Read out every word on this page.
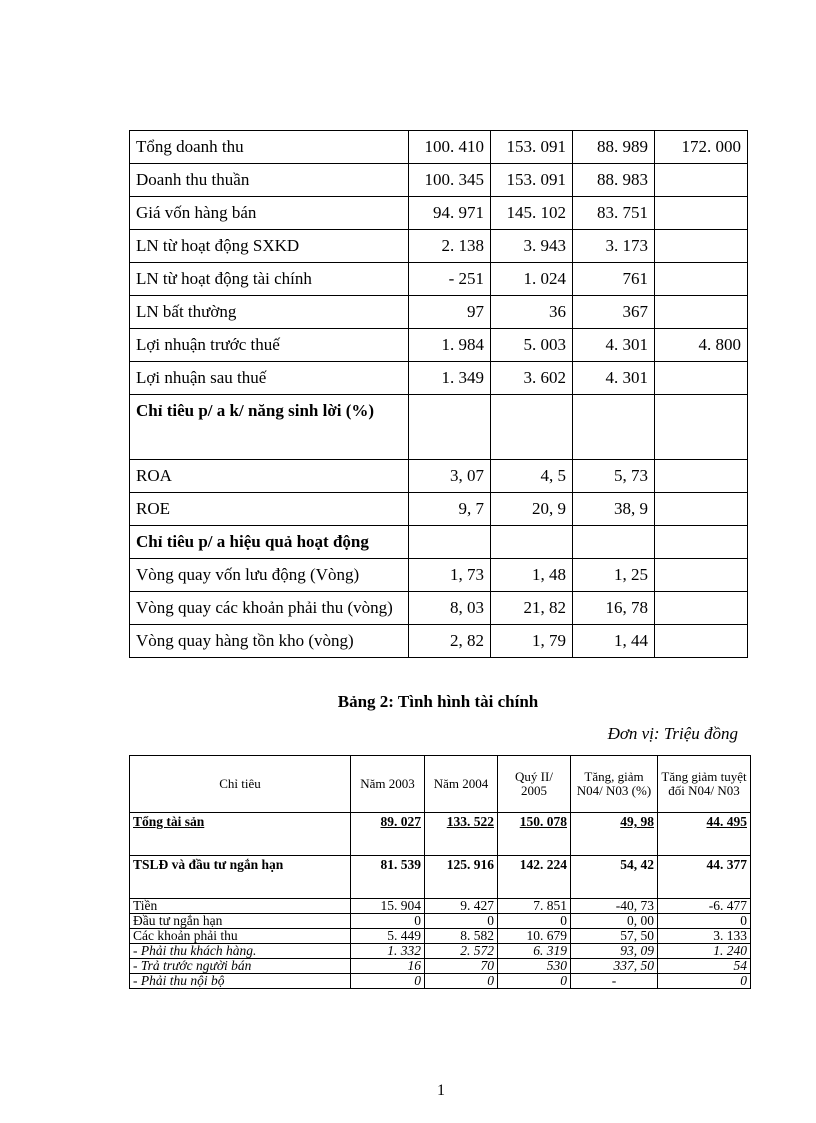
Tổng doanh thu	100. 410	153. 091	88. 989	172. 000
Doanh thu thuần	100. 345	153. 091	88. 983	
Giá vốn hàng bán	94. 971	145. 102	83. 751	
LN từ hoạt động SXKD	2. 138	3. 943	3. 173	
LN từ hoạt động tài chính	- 251	1. 024	761	
LN bất thường	97	36	367	
Lợi nhuận trước thuế	1. 984	5. 003	4. 301	4. 800
Lợi nhuận sau thuế	1. 349	3. 602	4. 301	
Chỉ tiêu p/ a k/ năng sinh lời (%)				
ROA	3, 07	4, 5	5, 73	
ROE	9, 7	20, 9	38, 9	
Chỉ tiêu p/ a hiệu quả hoạt động				
Vòng quay vốn lưu động (Vòng)	1, 73	1, 48	1, 25	
Vòng quay các khoản phải thu (vòng)	8, 03	21, 82	16, 78	
Vòng quay hàng tồn kho (vòng)	2, 82	1, 79	1, 44	
Bảng 2: Tình hình tài chính
Đơn vị: Triệu đồng
Chỉ tiêu	Năm 2003	Năm 2004	Quý II/ 2005	Tăng, giảm N04/ N03 (%)	Tăng giảm tuyệt đối N04/ N03
Tổng tài sản	89. 027	133. 522	150. 078	49, 98	44. 495
TSLĐ và đầu tư ngắn hạn	81. 539	125. 916	142. 224	54, 42	44. 377
Tiền	15. 904	9. 427	7. 851	-40, 73	-6. 477
Đầu tư ngắn hạn	0	0	0	0, 00	0
Các khoản phải thu	5. 449	8. 582	10. 679	57, 50	3. 133
- Phải thu khách hàng.	1. 332	2. 572	6. 319	93, 09	1. 240
- Trả trước người bán	16	70	530	337, 50	54
- Phải thu nội bộ	0	0	0	-	0
1
